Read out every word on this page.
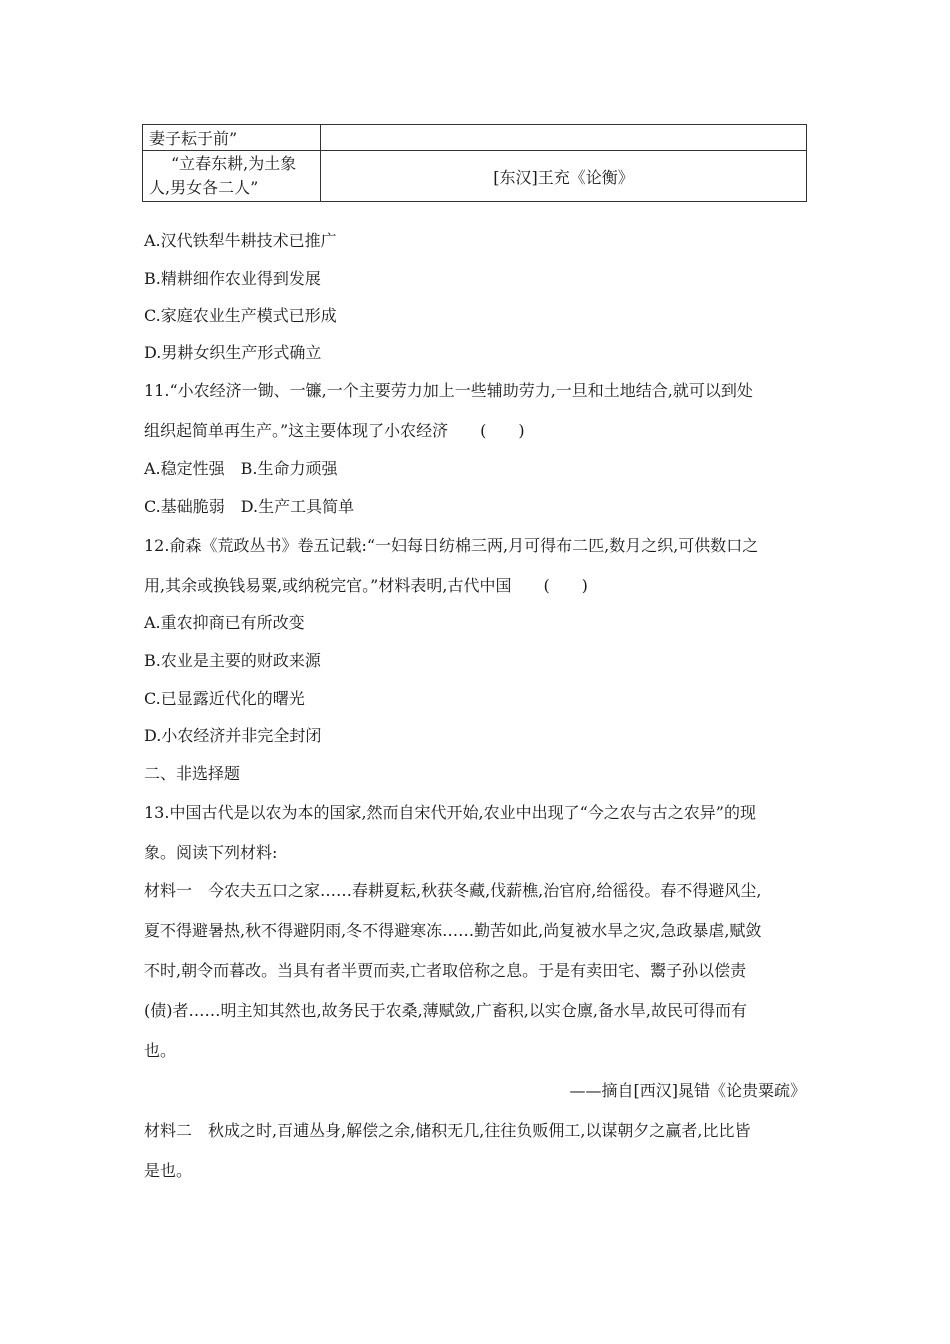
妻子耘于前”	

“立春东耕,为土象
人,男女各二人”	[东汉]王充《论衡》
A.汉代铁犁牛耕技术已推广
B.精耕细作农业得到发展
C.家庭农业生产模式已形成
D.男耕女织生产形式确立
11.“小农经济一锄、一镰,一个主要劳力加上一些辅助劳力,一旦和土地结合,就可以到处
组织起简单再生产。”这主要体现了小农经济　　(　　)
A.稳定性强　B.生命力顽强
C.基础脆弱　D.生产工具简单
12.俞森《荒政丛书》卷五记载:“一妇每日纺棉三两,月可得布二匹,数月之织,可供数口之
用,其余或换钱易粟,或纳税完官。”材料表明,古代中国　　(　　)
A.重农抑商已有所改变
B.农业是主要的财政来源
C.已显露近代化的曙光
D.小农经济并非完全封闭
二、非选择题
13.中国古代是以农为本的国家,然而自宋代开始,农业中出现了“今之农与古之农异”的现
象。阅读下列材料:
材料一　今农夫五口之家……春耕夏耘,秋获冬藏,伐薪樵,治官府,给徭役。春不得避风尘,
夏不得避暑热,秋不得避阴雨,冬不得避寒冻……勤苦如此,尚复被水旱之灾,急政暴虐,赋敛
不时,朝令而暮改。当具有者半贾而卖,亡者取倍称之息。于是有卖田宅、鬻子孙以偿责
(债)者……明主知其然也,故务民于农桑,薄赋敛,广畜积,以实仓廪,备水旱,故民可得而有
也。
——摘自[西汉]晁错《论贵粟疏》
材料二　秋成之时,百逋丛身,解偿之余,储积无几,往往负贩佣工,以谋朝夕之赢者,比比皆
是也。
